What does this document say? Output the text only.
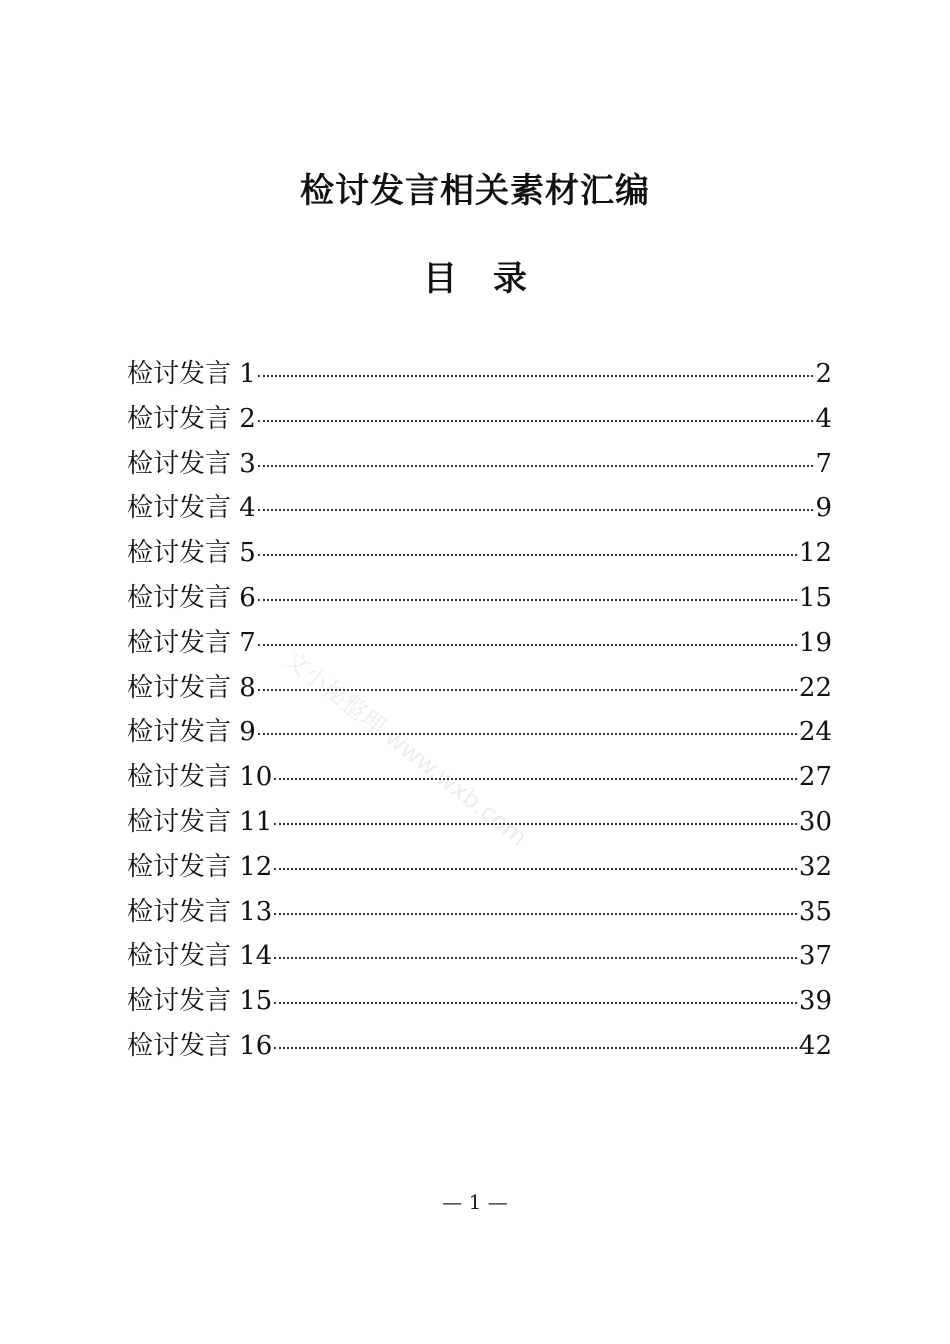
检讨发言相关素材汇编
目 录
文小秘整理 www.wxb.com
检讨发言 1	2
检讨发言 2	4
检讨发言 3	7
检讨发言 4	9
检讨发言 5	12
检讨发言 6	15
检讨发言 7	19
检讨发言 8	22
检讨发言 9	24
检讨发言 10	27
检讨发言 11	30
检讨发言 12	32
检讨发言 13	35
检讨发言 14	37
检讨发言 15	39
检讨发言 16	42
— 1 —
